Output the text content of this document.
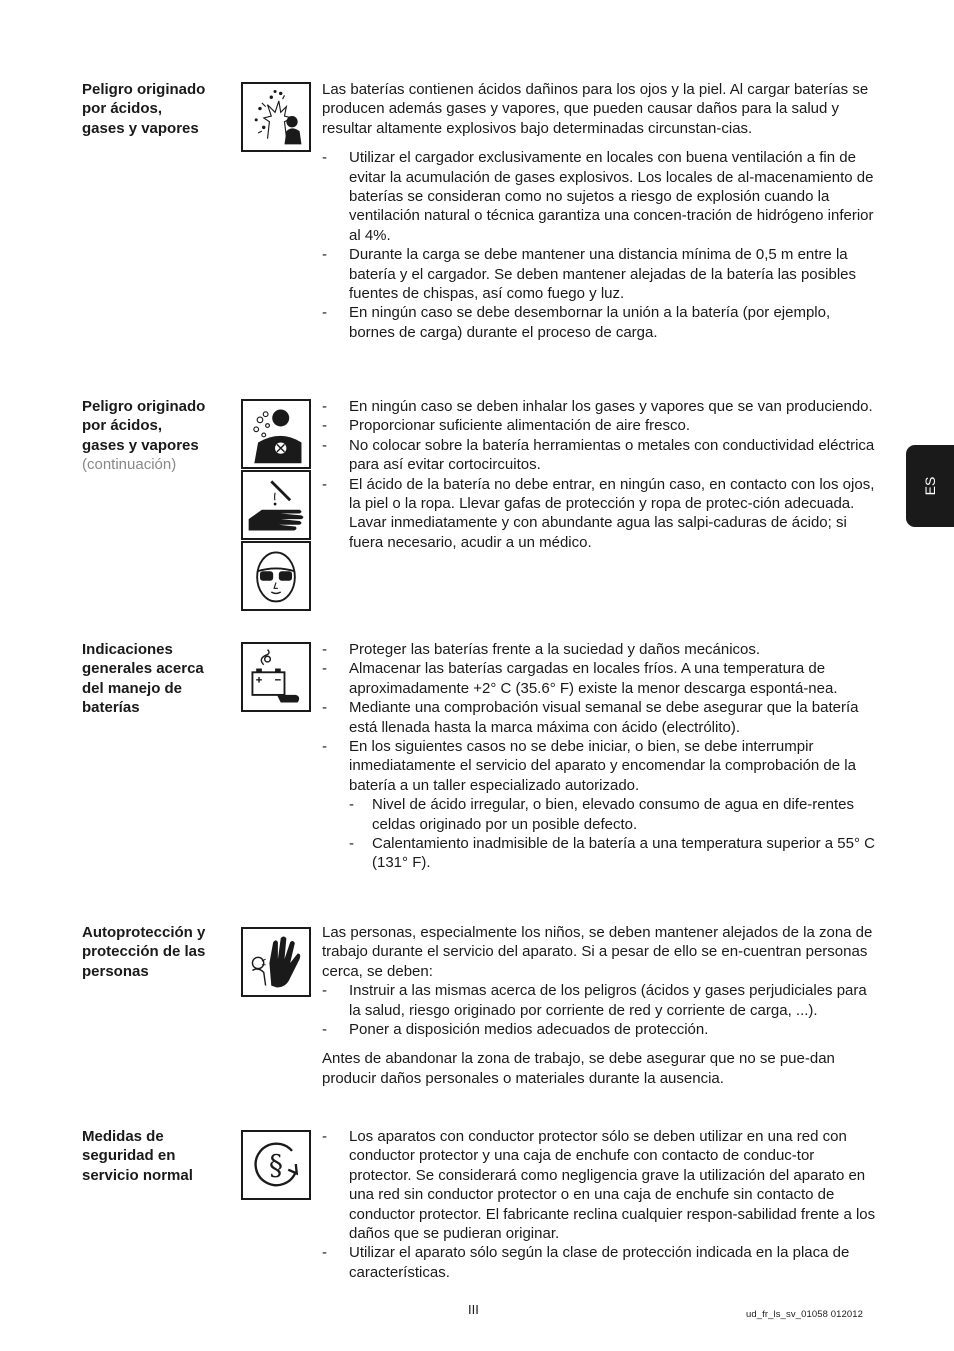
ES
Peligro originado
por ácidos,
gases y vapores

Las baterías contienen ácidos dañinos para los ojos y la piel. Al cargar baterías se producen además gases y vapores, que pueden causar daños para la salud y resultar altamente explosivos bajo determinadas circunstan-cias.

- Utilizar el cargador exclusivamente en locales con buena ventilación a fin de evitar la acumulación de gases explosivos. Los locales de al-macenamiento de baterías se consideran como no sujetos a riesgo de explosión cuando la ventilación natural o técnica garantiza una concen-tración de hidrógeno inferior al 4%.
- Durante la carga se debe mantener una distancia mínima de 0,5 m entre la batería y el cargador. Se deben mantener alejadas de la batería las posibles fuentes de chispas, así como fuego y luz.
- En ningún caso se debe desembornar la unión a la batería (por ejemplo, bornes de carga) durante el proceso de carga.
Peligro originado
por ácidos,
gases y vapores
(continuación)
- En ningún caso se deben inhalar los gases y vapores que se van produciendo.
- Proporcionar suficiente alimentación de aire fresco.
- No colocar sobre la batería herramientas o metales con conductividad eléctrica para así evitar cortocircuitos.
- El ácido de la batería no debe entrar, en ningún caso, en contacto con los ojos, la piel o la ropa. Llevar gafas de protección y ropa de protec-ción adecuada. Lavar inmediatamente y con abundante agua las salpi-caduras de ácido; si fuera necesario, acudir a un médico.
Indicaciones
generales acerca
del manejo de
baterías
- Proteger las baterías frente a la suciedad y daños mecánicos.
- Almacenar las baterías cargadas en locales fríos. A una temperatura de aproximadamente +2° C (35.6° F) existe la menor descarga espontá-nea.
- Mediante una comprobación visual semanal se debe asegurar que la batería está llenada hasta la marca máxima con ácido (electrólito).
- En los siguientes casos no se debe iniciar, o bien, se debe interrumpir inmediatamente el servicio del aparato y encomendar la comprobación de la batería a un taller especializado autorizado.
- Nivel de ácido irregular, o bien, elevado consumo de agua en dife-rentes celdas originado por un posible defecto.
- Calentamiento inadmisible de la batería a una temperatura superior a 55° C (131° F).
Autoprotección y
protección de las
personas

Las personas, especialmente los niños, se deben mantener alejados de la zona de trabajo durante el servicio del aparato. Si a pesar de ello se en-cuentran personas cerca, se deben:

- Instruir a las mismas acerca de los peligros (ácidos y gases perjudiciales para la salud, riesgo originado por corriente de red y corriente de carga, ...).
- Poner a disposición medios adecuados de protección.

Antes de abandonar la zona de trabajo, se debe asegurar que no se pue-dan producir daños personales o materiales durante la ausencia.

Medidas de
seguridad en
servicio normal	§
- Los aparatos con conductor protector sólo se deben utilizar en una red con conductor protector y una caja de enchufe con contacto de conduc-tor protector. Se considerará como negligencia grave la utilización del aparato en una red sin conductor protector o en una caja de enchufe sin contacto de conductor protector. El fabricante reclina cualquier respon-sabilidad frente a los daños que se pudieran originar.
- Utilizar el aparato sólo según la clase de protección indicada en la placa de características.
III	ud_fr_ls_sv_01058 012012
